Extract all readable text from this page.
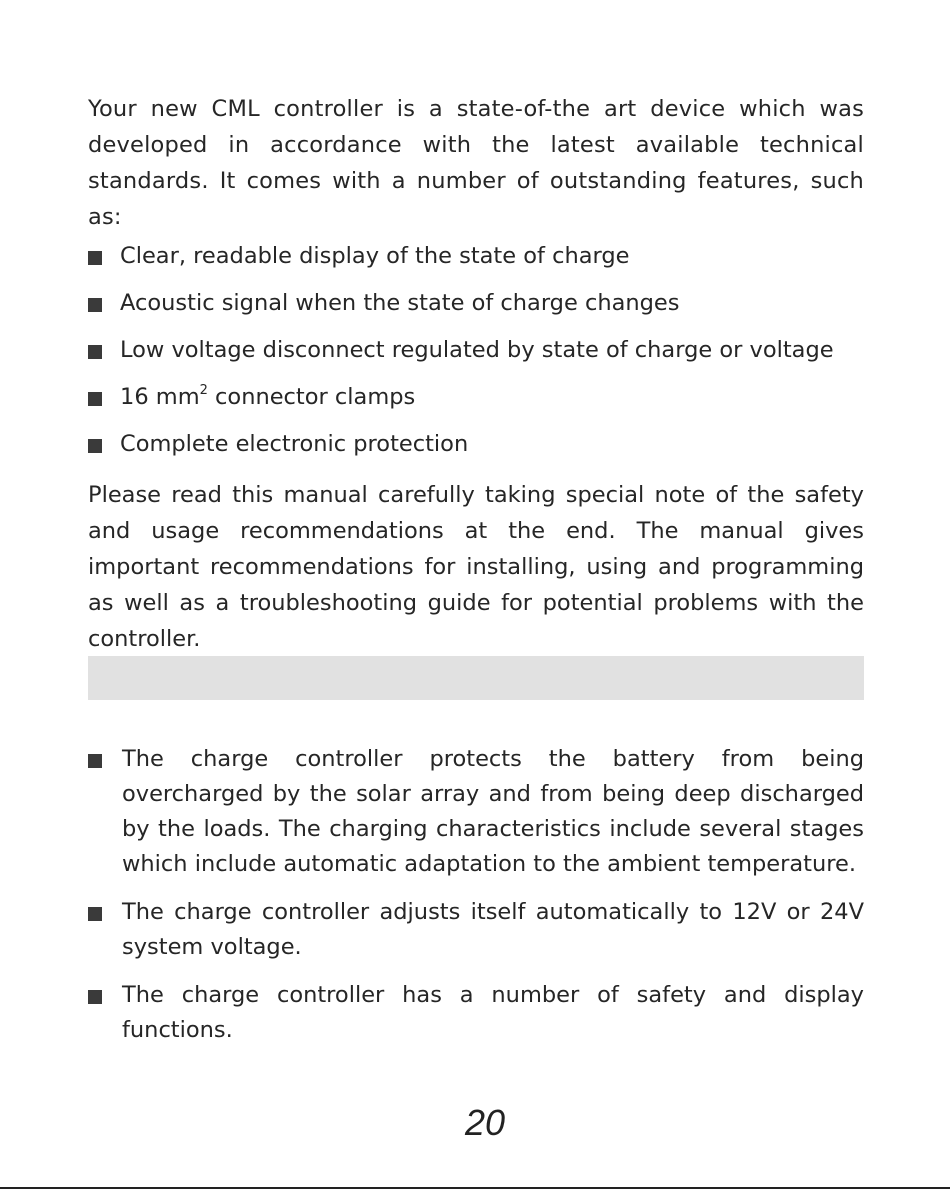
Your new CML controller is a state-of-the art device which was developed in accordance with the latest available technical standards. It comes with a number of outstanding features, such as:

Clear, readable display of the state of charge
Acoustic signal when the state of charge changes
Low voltage disconnect regulated by state of charge or voltage
16 $mm^2$ connector clamps
Complete electronic protection

Please read this manual carefully taking special note of the safety and usage recommendations at the end. The manual gives important recommendations for installing, using and programming as well as a troubleshooting guide for potential problems with the controller.

The charge controller protects the battery from being overcharged by the solar array and from being deep discharged by the loads. The charging characteristics include several stages which include automatic adaptation to the ambient temperature.
The charge controller adjusts itself automatically to 12V or 24V system voltage.
The charge controller has a number of safety and display functions.
20
